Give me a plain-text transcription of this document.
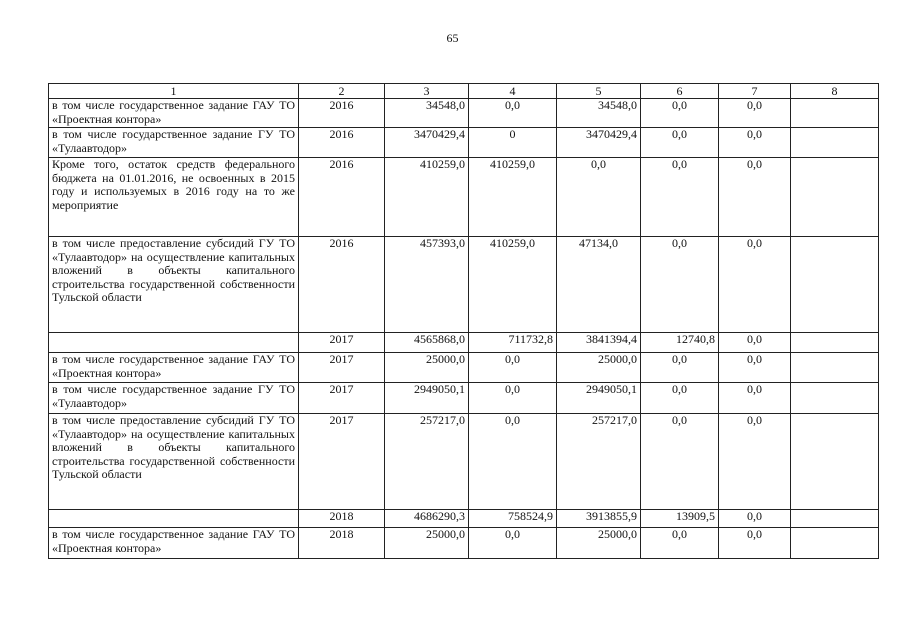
65
1	2	3	4	5	6	7	8
в том числе государственное задание ГАУ ТО «Проектная контора»	2016	34548,0	0,0	34548,0	0,0	0,0	
в том числе государственное задание ГУ ТО «Тулаавтодор»	2016	3470429,4	0	3470429,4	0,0	0,0	
Кроме того, остаток средств федерального бюджета на 01.01.2016, не освоенных в 2015 году и используемых в 2016 году на то же мероприятие	2016	410259,0	410259,0	0,0	0,0	0,0	
в том числе предоставление субсидий ГУ ТО «Тулаавтодор» на осуществление капитальных вложений в объекты капитального строительства государственной собственности Тульской области	2016	457393,0	410259,0	47134,0	0,0	0,0	
	2017	4565868,0	711732,8	3841394,4	12740,8	0,0	
в том числе государственное задание ГАУ ТО «Проектная контора»	2017	25000,0	0,0	25000,0	0,0	0,0	
в том числе государственное задание ГУ ТО «Тулаавтодор»	2017	2949050,1	0,0	2949050,1	0,0	0,0	
в том числе предоставление субсидий ГУ ТО «Тулаавтодор» на осуществление капитальных вложений в объекты капитального строительства государственной собственности Тульской области	2017	257217,0	0,0	257217,0	0,0	0,0	
	2018	4686290,3	758524,9	3913855,9	13909,5	0,0	
в том числе государственное задание ГАУ ТО «Проектная контора»	2018	25000,0	0,0	25000,0	0,0	0,0	
